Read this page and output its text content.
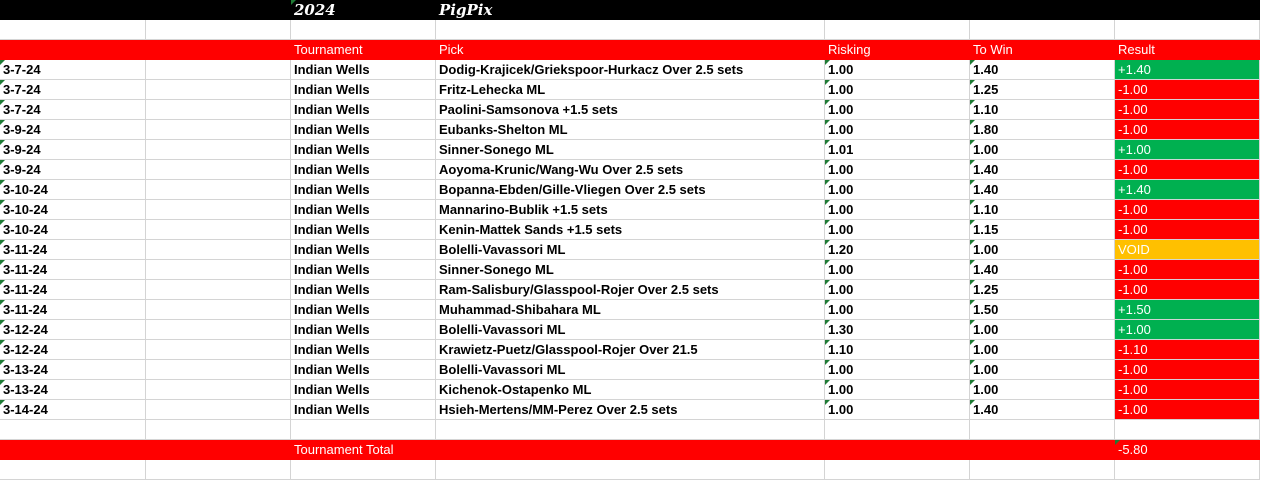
2024	PigPix
Tournament	Pick	Risking	To Win	Result
3-7-24	Indian Wells	Dodig-Krajicek/Griekspoor-Hurkacz Over 2.5 sets	1.00	1.40	+1.40
3-7-24	Indian Wells	Fritz-Lehecka ML	1.00	1.25	-1.00
3-7-24	Indian Wells	Paolini-Samsonova +1.5 sets	1.00	1.10	-1.00
3-9-24	Indian Wells	Eubanks-Shelton ML	1.00	1.80	-1.00
3-9-24	Indian Wells	Sinner-Sonego ML	1.01	1.00	+1.00
3-9-24	Indian Wells	Aoyoma-Krunic/Wang-Wu Over 2.5 sets	1.00	1.40	-1.00
3-10-24	Indian Wells	Bopanna-Ebden/Gille-Vliegen Over 2.5 sets	1.00	1.40	+1.40
3-10-24	Indian Wells	Mannarino-Bublik +1.5 sets	1.00	1.10	-1.00
3-10-24	Indian Wells	Kenin-Mattek Sands +1.5 sets	1.00	1.15	-1.00
3-11-24	Indian Wells	Bolelli-Vavassori ML	1.20	1.00	VOID
3-11-24	Indian Wells	Sinner-Sonego ML	1.00	1.40	-1.00
3-11-24	Indian Wells	Ram-Salisbury/Glasspool-Rojer Over 2.5 sets	1.00	1.25	-1.00
3-11-24	Indian Wells	Muhammad-Shibahara ML	1.00	1.50	+1.50
3-12-24	Indian Wells	Bolelli-Vavassori ML	1.30	1.00	+1.00
3-12-24	Indian Wells	Krawietz-Puetz/Glasspool-Rojer Over 21.5	1.10	1.00	-1.10
3-13-24	Indian Wells	Bolelli-Vavassori ML	1.00	1.00	-1.00
3-13-24	Indian Wells	Kichenok-Ostapenko ML	1.00	1.00	-1.00
3-14-24	Indian Wells	Hsieh-Mertens/MM-Perez Over 2.5 sets	1.00	1.40	-1.00
Tournament Total	-5.80
